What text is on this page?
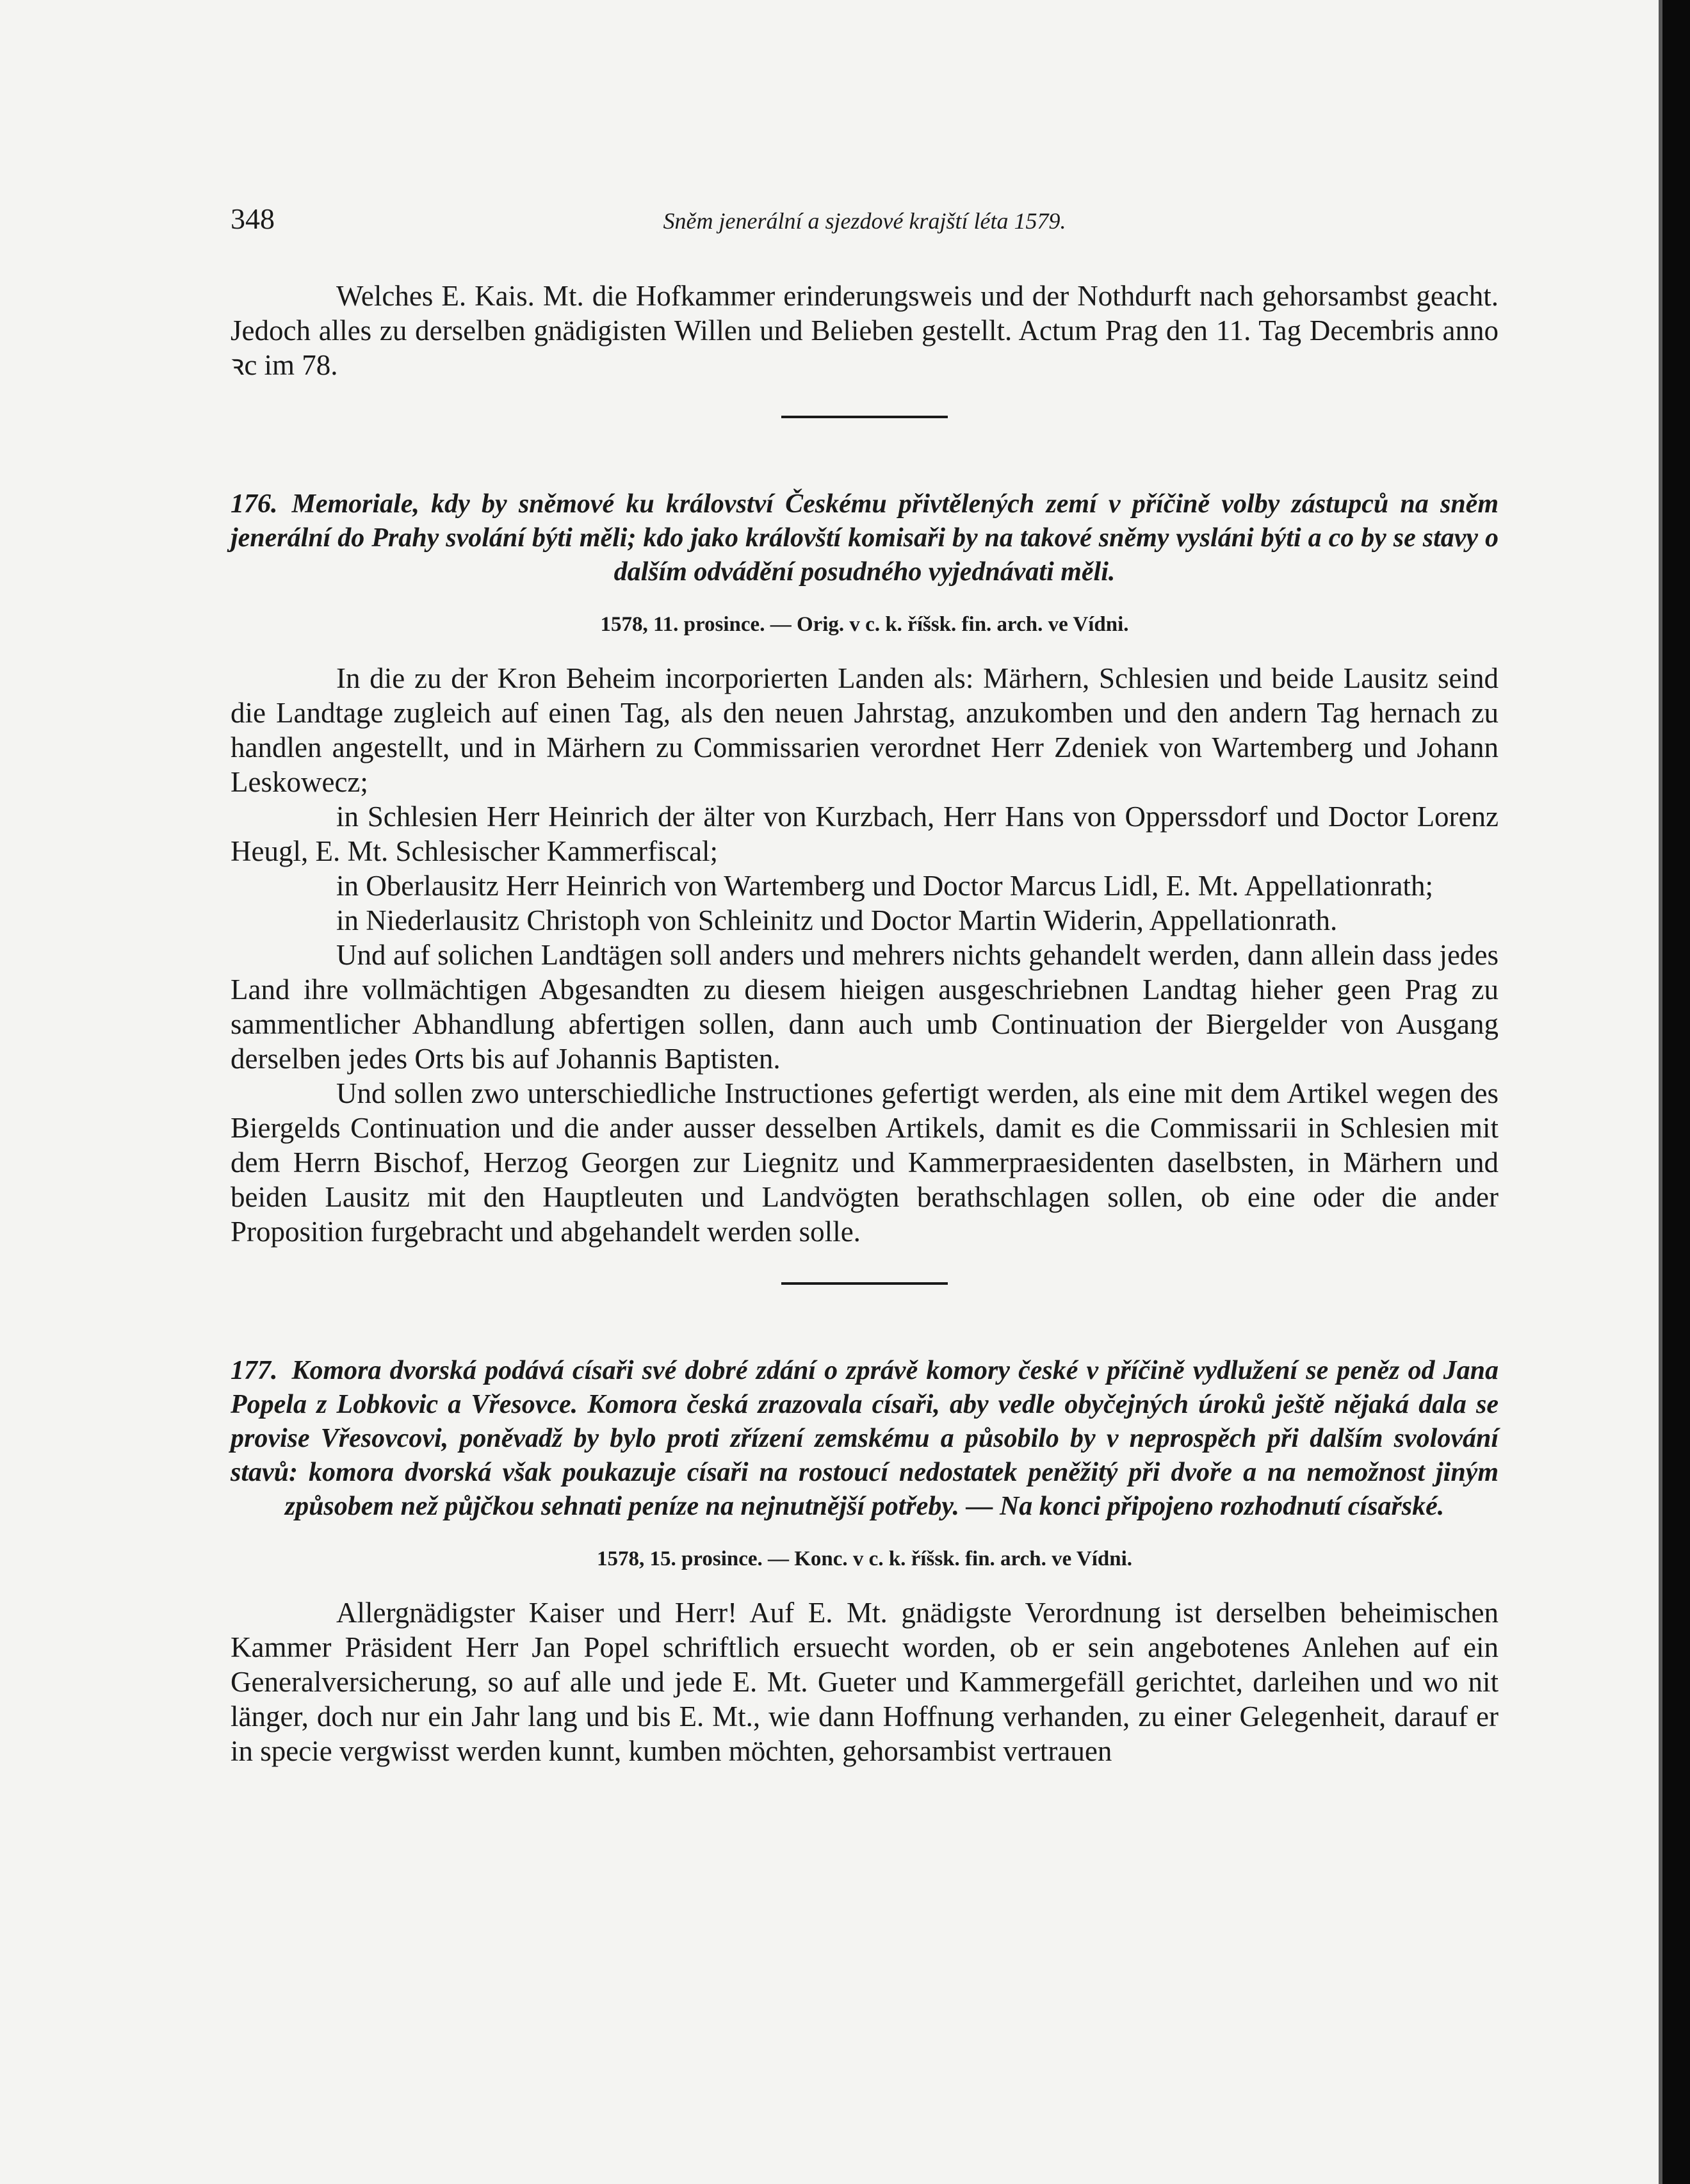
348	Sněm jenerální a sjezdové krajští léta 1579.

Welches E. Kais. Mt. die Hofkammer erinderungsweis und der Nothdurft nach gehorsambst geacht. Jedoch alles zu derselben gnädigisten Willen und Belieben gestellt. Actum Prag den 11. Tag Decembris anno ꝛc im 78.

176. Memoriale, kdy by sněmové ku království Českému přivtělených zemí v příčině volby zástupců na sněm jenerální do Prahy svolání býti měli; kdo jako královští komisaři by na takové sněmy vysláni býti a co by se stavy o dalším odvádění posudného vyjednávati měli.
1578, 11. prosince. — Orig. v c. k. říšsk. fin. arch. ve Vídni.

In die zu der Kron Beheim incorporierten Landen als: Märhern, Schlesien und beide Lausitz seind die Landtage zugleich auf einen Tag, als den neuen Jahrstag, anzukomben und den andern Tag hernach zu handlen angestellt, und in Märhern zu Commissarien verordnet Herr Zdeniek von Wartemberg und Johann Leskowecz;

in Schlesien Herr Heinrich der älter von Kurzbach, Herr Hans von Opperssdorf und Doctor Lorenz Heugl, E. Mt. Schlesischer Kammerfiscal;

in Oberlausitz Herr Heinrich von Wartemberg und Doctor Marcus Lidl, E. Mt. Appellationrath;

in Niederlausitz Christoph von Schleinitz und Doctor Martin Widerin, Appellationrath.

Und auf solichen Landtägen soll anders und mehrers nichts gehandelt werden, dann allein dass jedes Land ihre vollmächtigen Abgesandten zu diesem hieigen ausgeschriebnen Landtag hieher geen Prag zu sammentlicher Abhandlung abfertigen sollen, dann auch umb Continuation der Biergelder von Ausgang derselben jedes Orts bis auf Johannis Baptisten.

Und sollen zwo unterschiedliche Instructiones gefertigt werden, als eine mit dem Artikel wegen des Biergelds Continuation und die ander ausser desselben Artikels, damit es die Commissarii in Schlesien mit dem Herrn Bischof, Herzog Georgen zur Liegnitz und Kammerpraesidenten daselbsten, in Märhern und beiden Lausitz mit den Hauptleuten und Landvögten berathschlagen sollen, ob eine oder die ander Proposition furgebracht und abgehandelt werden solle.

177. Komora dvorská podává císaři své dobré zdání o zprávě komory české v příčině vydlužení se peněz od Jana Popela z Lobkovic a Vřesovce. Komora česká zrazovala císaři, aby vedle obyčejných úroků ještě nějaká dala se provise Vřesovcovi, poněvadž by bylo proti zřízení zemskému a působilo by v neprospěch při dalším svolování stavů: komora dvorská však poukazuje císaři na rostoucí nedostatek peněžitý při dvoře a na nemožnost jiným způsobem než půjčkou sehnati peníze na nejnutnější potřeby. — Na konci připojeno rozhodnutí císařské.
1578, 15. prosince. — Konc. v c. k. říšsk. fin. arch. ve Vídni.

Allergnädigster Kaiser und Herr! Auf E. Mt. gnädigste Verordnung ist derselben beheimischen Kammer Präsident Herr Jan Popel schriftlich ersuecht worden, ob er sein angebotenes Anlehen auf ein Generalversicherung, so auf alle und jede E. Mt. Gueter und Kammergefäll gerichtet, darleihen und wo nit länger, doch nur ein Jahr lang und bis E. Mt., wie dann Hoffnung verhanden, zu einer Gelegenheit, darauf er in specie vergwisst werden kunnt, kumben möchten, gehorsambist vertrauen
